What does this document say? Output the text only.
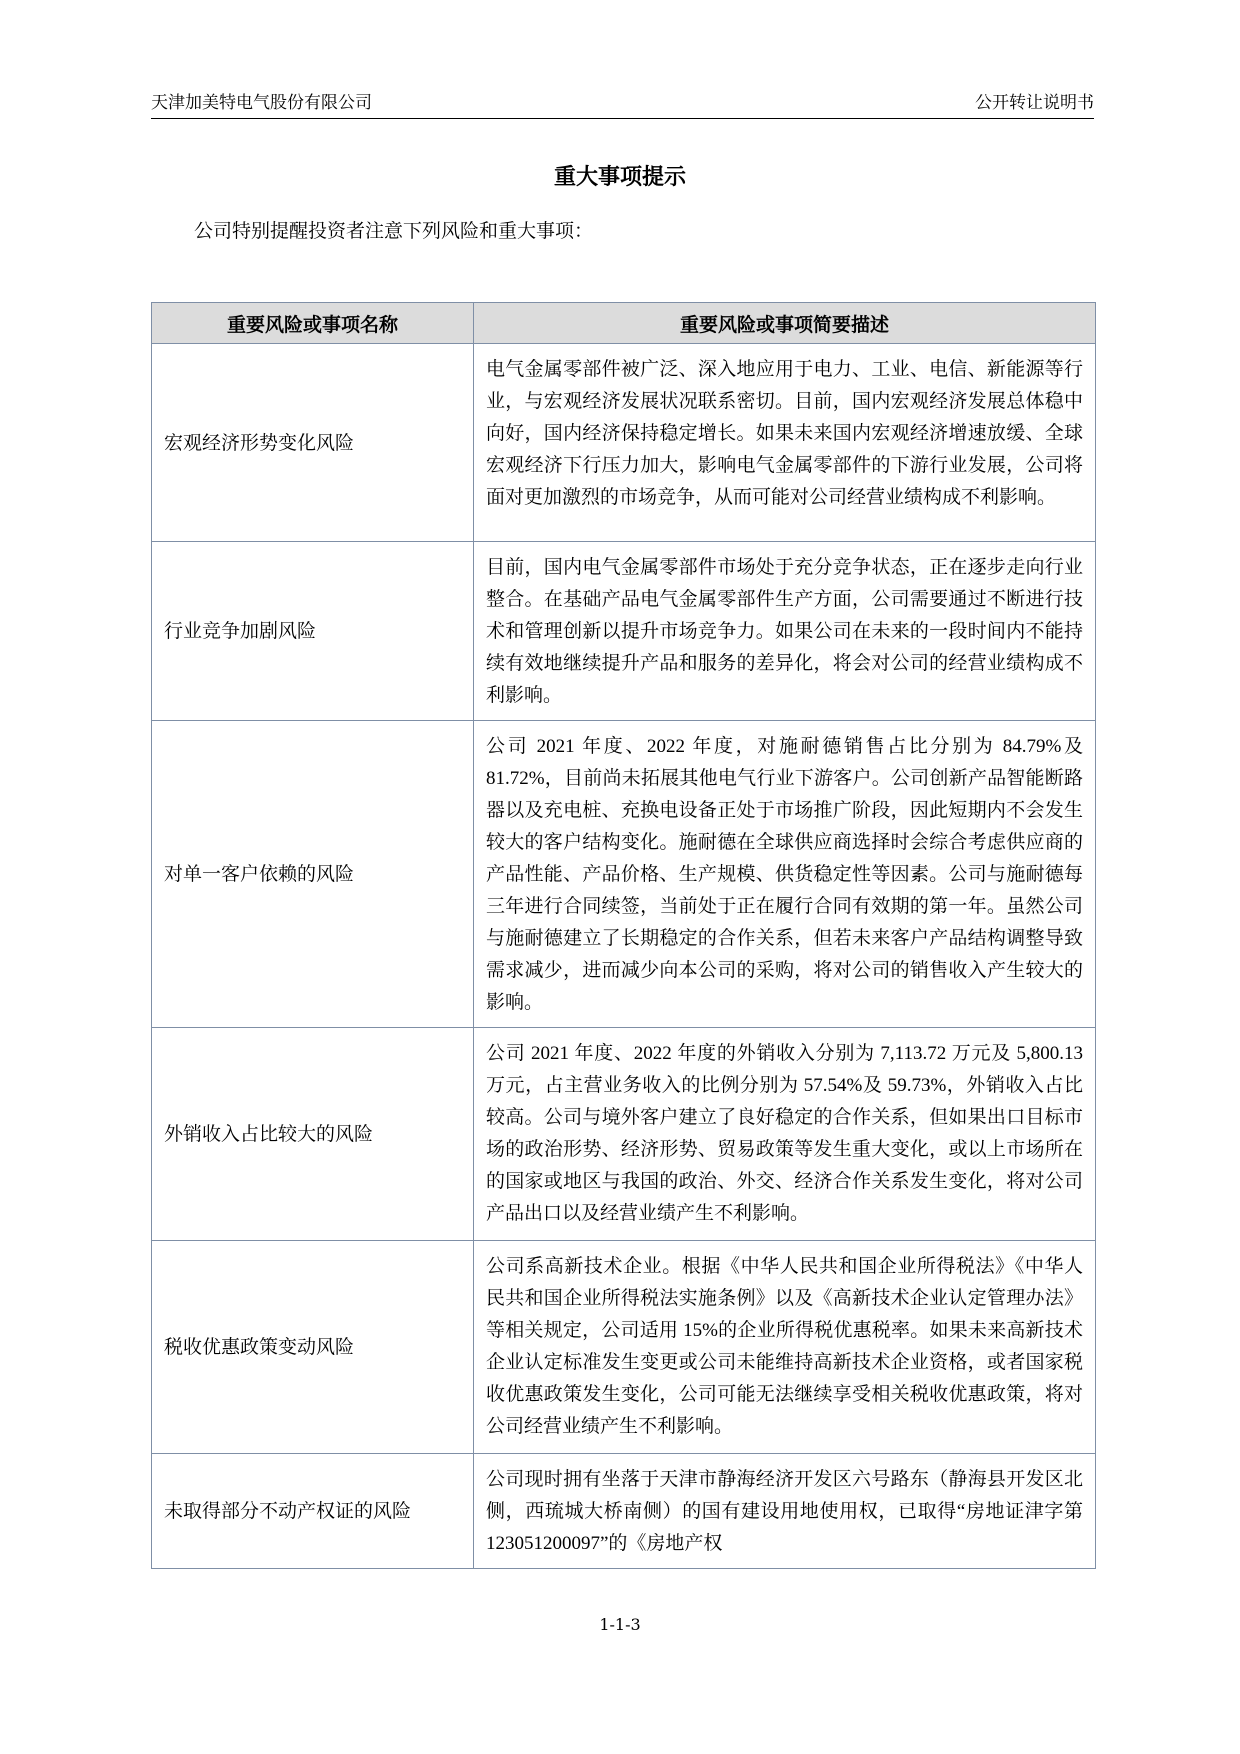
天津加美特电气股份有限公司	公开转让说明书
重大事项提示
公司特别提醒投资者注意下列风险和重大事项：
重要风险或事项名称	重要风险或事项简要描述
宏观经济形势变化风险	电气金属零部件被广泛、深入地应用于电力、工业、电信、新能源等行业，与宏观经济发展状况联系密切。目前，国内宏观经济发展总体稳中向好，国内经济保持稳定增长。如果未来国内宏观经济增速放缓、全球宏观经济下行压力加大，影响电气金属零部件的下游行业发展，公司将面对更加激烈的市场竞争，从而可能对公司经营业绩构成不利影响。
行业竞争加剧风险	目前，国内电气金属零部件市场处于充分竞争状态，正在逐步走向行业整合。在基础产品电气金属零部件生产方面，公司需要通过不断进行技术和管理创新以提升市场竞争力。如果公司在未来的一段时间内不能持续有效地继续提升产品和服务的差异化，将会对公司的经营业绩构成不利影响。
对单一客户依赖的风险	公司 2021 年度、2022 年度，对施耐德销售占比分别为 84.79%及 81.72%，目前尚未拓展其他电气行业下游客户。公司创新产品智能断路器以及充电桩、充换电设备正处于市场推广阶段，因此短期内不会发生较大的客户结构变化。施耐德在全球供应商选择时会综合考虑供应商的产品性能、产品价格、生产规模、供货稳定性等因素。公司与施耐德每三年进行合同续签，当前处于正在履行合同有效期的第一年。虽然公司与施耐德建立了长期稳定的合作关系，但若未来客户产品结构调整导致需求减少，进而减少向本公司的采购，将对公司的销售收入产生较大的影响。
外销收入占比较大的风险	公司 2021 年度、2022 年度的外销收入分别为 7,113.72 万元及 5,800.13 万元，占主营业务收入的比例分别为 57.54%及 59.73%，外销收入占比较高。公司与境外客户建立了良好稳定的合作关系，但如果出口目标市场的政治形势、经济形势、贸易政策等发生重大变化，或以上市场所在的国家或地区与我国的政治、外交、经济合作关系发生变化，将对公司产品出口以及经营业绩产生不利影响。
税收优惠政策变动风险	公司系高新技术企业。根据《中华人民共和国企业所得税法》《中华人民共和国企业所得税法实施条例》以及《高新技术企业认定管理办法》等相关规定，公司适用 15%的企业所得税优惠税率。如果未来高新技术企业认定标准发生变更或公司未能维持高新技术企业资格，或者国家税收优惠政策发生变化，公司可能无法继续享受相关税收优惠政策，将对公司经营业绩产生不利影响。
未取得部分不动产权证的风险	公司现时拥有坐落于天津市静海经济开发区六号路东（静海县开发区北侧，西琉城大桥南侧）的国有建设用地使用权，已取得“房地证津字第 123051200097”的《房地产权
1-1-3
